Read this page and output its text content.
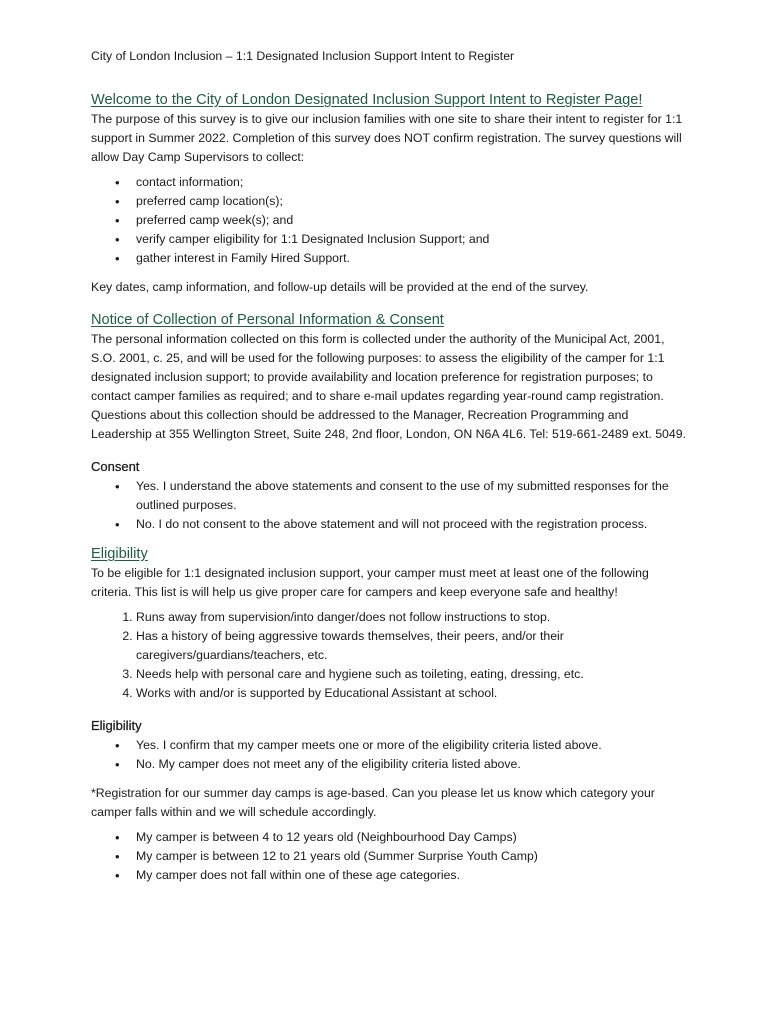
City of London Inclusion – 1:1 Designated Inclusion Support Intent to Register
Welcome to the City of London Designated Inclusion Support Intent to Register Page!

The purpose of this survey is to give our inclusion families with one site to share their intent to register for 1:1 support in Summer 2022. Completion of this survey does NOT confirm registration. The survey questions will allow Day Camp Supervisors to collect:

• contact information;
• preferred camp location(s);
• preferred camp week(s); and
• verify camper eligibility for 1:1 Designated Inclusion Support; and
• gather interest in Family Hired Support.

Key dates, camp information, and follow-up details will be provided at the end of the survey.

Notice of Collection of Personal Information & Consent

The personal information collected on this form is collected under the authority of the Municipal Act, 2001, S.O. 2001, c. 25, and will be used for the following purposes: to assess the eligibility of the camper for 1:1 designated inclusion support; to provide availability and location preference for registration purposes; to contact camper families as required; and to share e-mail updates regarding year-round camp registration. Questions about this collection should be addressed to the Manager, Recreation Programming and Leadership at 355 Wellington Street, Suite 248, 2nd floor, London, ON N6A 4L6. Tel: 519-661-2489 ext. 5049.

Consent
• Yes. I understand the above statements and consent to the use of my submitted responses for the outlined purposes.
• No. I do not consent to the above statement and will not proceed with the registration process.
Eligibility

To be eligible for 1:1 designated inclusion support, your camper must meet at least one of the following criteria. This list is will help us give proper care for campers and keep everyone safe and healthy!

1. Runs away from supervision/into danger/does not follow instructions to stop.
2. Has a history of being aggressive towards themselves, their peers, and/or their caregivers/guardians/teachers, etc.
3. Needs help with personal care and hygiene such as toileting, eating, dressing, etc.
4. Works with and/or is supported by Educational Assistant at school.
Eligibility
• Yes. I confirm that my camper meets one or more of the eligibility criteria listed above.
• No. My camper does not meet any of the eligibility criteria listed above.

*Registration for our summer day camps is age-based. Can you please let us know which category your camper falls within and we will schedule accordingly.

• My camper is between 4 to 12 years old (Neighbourhood Day Camps)
• My camper is between 12 to 21 years old (Summer Surprise Youth Camp)
• My camper does not fall within one of these age categories.
